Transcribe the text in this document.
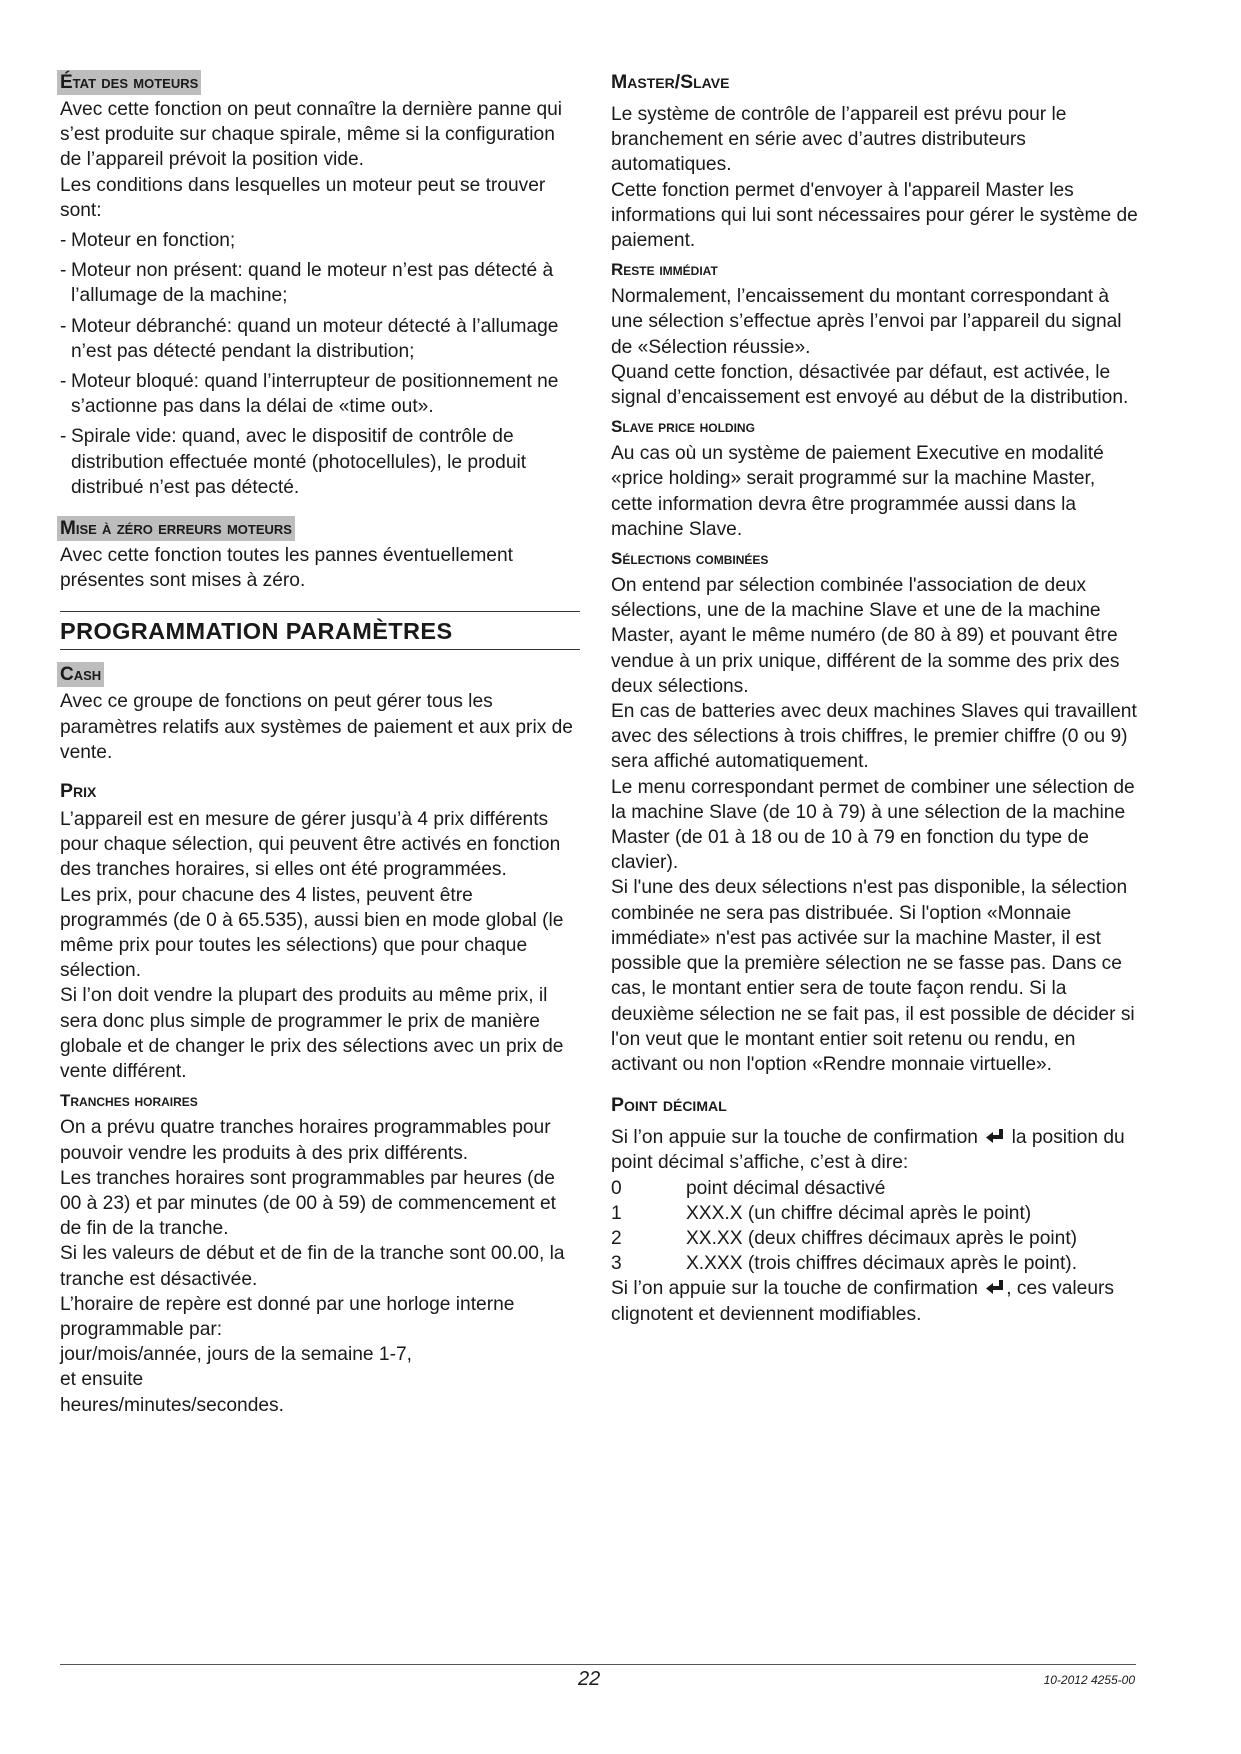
État des moteurs

Avec cette fonction on peut connaître la dernière panne qui s’est produite sur chaque spirale, même si la configuration de l’appareil prévoit la position vide.

Les conditions dans lesquelles un moteur peut se trouver sont:

- Moteur en fonction;
- Moteur non présent: quand le moteur n’est pas détecté à l’allumage de la machine;
- Moteur débranché: quand un moteur détecté à l’allumage n’est pas détecté pendant la distribution;
- Moteur bloqué: quand l’interrupteur de positionnement ne s’actionne pas dans la délai de «time out».
- Spirale vide: quand, avec le dispositif de contrôle de distribution effectuée monté (photocellules), le produit distribué n’est pas détecté.
Mise à zéro erreurs moteurs

Avec cette fonction toutes les pannes éventuellement présentes sont mises à zéro.

PROGRAMMATION PARAMÈTRES
Cash

Avec ce groupe de fonctions on peut gérer tous les paramètres relatifs aux systèmes de paiement et aux prix de vente.

Prix

L’appareil est en mesure de gérer jusqu’à 4 prix différents pour chaque sélection, qui peuvent être activés en fonction des tranches horaires, si elles ont été programmées.

Les prix, pour chacune des 4 listes, peuvent être programmés (de 0 à 65.535), aussi bien en mode global (le même prix pour toutes les sélections) que pour chaque sélection.

Si l’on doit vendre la plupart des produits au même prix, il sera donc plus simple de programmer le prix de manière globale et de changer le prix des sélections avec un prix de vente différent.

Tranches horaires

On a prévu quatre tranches horaires programmables pour pouvoir vendre les produits à des prix différents.

Les tranches horaires sont programmables par heures (de 00 à 23) et par minutes (de 00 à 59) de commencement et de fin de la tranche.

Si les valeurs de début et de fin de la tranche sont 00.00, la tranche est désactivée.

L’horaire de repère est donné par une horloge interne programmable par:

jour/mois/année, jours de la semaine 1-7,

et ensuite

heures/minutes/secondes.

Master/Slave

Le système de contrôle de l’appareil est prévu pour le branchement en série avec d’autres distributeurs automatiques.

Cette fonction permet d'envoyer à l'appareil Master les informations qui lui sont nécessaires pour gérer le système de paiement.

Reste immédiat

Normalement, l’encaissement du montant correspondant à une sélection s’effectue après l’envoi par l’appareil du signal de «Sélection réussie».

Quand cette fonction, désactivée par défaut, est activée, le signal d’encaissement est envoyé au début de la distribution.

Slave price holding

Au cas où un système de paiement Executive en modalité «price holding» serait programmé sur la machine Master, cette information devra être programmée aussi dans la machine Slave.

Sélections combinées

On entend par sélection combinée l'association de deux sélections, une de la machine Slave et une de la machine Master, ayant le même numéro (de 80 à 89) et pouvant être vendue à un prix unique, différent de la somme des prix des deux sélections.

En cas de batteries avec deux machines Slaves qui travaillent avec des sélections à trois chiffres, le premier chiffre (0 ou 9) sera affiché automatiquement.

Le menu correspondant permet de combiner une sélection de la machine Slave (de 10 à 79) à une sélection de la machine Master (de 01 à 18 ou de 10 à 79 en fonction du type de clavier).

Si l'une des deux sélections n'est pas disponible, la sélection combinée ne sera pas distribuée. Si l'option «Monnaie immédiate» n'est pas activée sur la machine Master, il est possible que la première sélection ne se fasse pas. Dans ce cas, le montant entier sera de toute façon rendu. Si la deuxième sélection ne se fait pas, il est possible de décider si l'on veut que le montant entier soit retenu ou rendu, en activant ou non l'option «Rendre monnaie virtuelle».

Point décimal

Si l’on appuie sur la touche de confirmation la position du point décimal s’affiche, c’est à dire:

0	point décimal désactivé
1	XXX.X (un chiffre décimal après le point)
2	XX.XX (deux chiffres décimaux après le point)
3	X.XXX (trois chiffres décimaux après le point).

Si l’on appuie sur la touche de confirmation , ces valeurs clignotent et deviennent modifiables.

22	10-2012 4255-00
